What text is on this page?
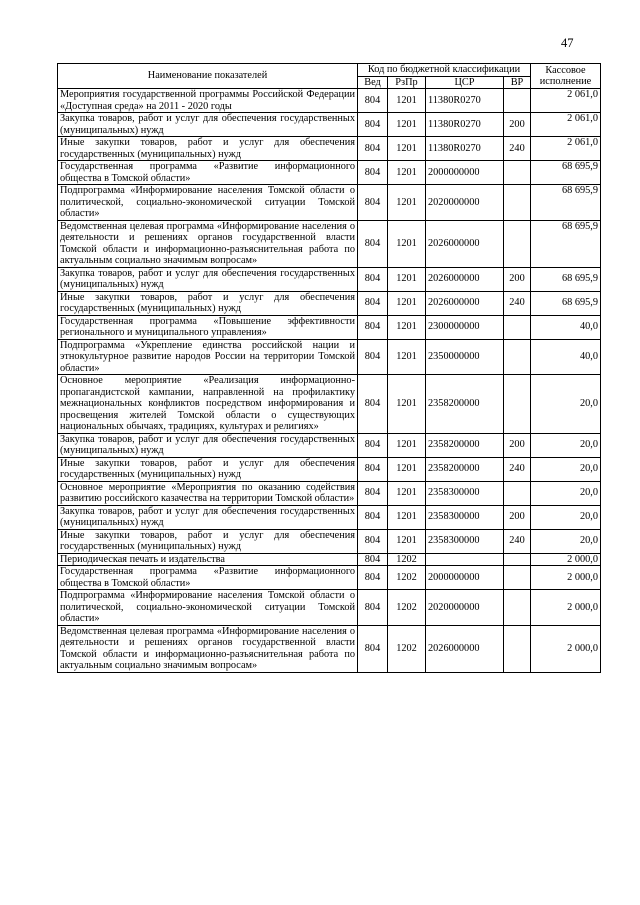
47
Наименование показателей	Код по бюджетной классификации				Кассовое исполнение
	Вед	РзПр	ЦСР	ВР	
Мероприятия государственной программы Российской Федерации «Доступная среда» на 2011 - 2020 годы	804	1201	11380R0270		2 061,0
Закупка товаров, работ и услуг для обеспечения государственных (муниципальных) нужд	804	1201	11380R0270	200	2 061,0
Иные закупки товаров, работ и услуг для обеспечения государственных (муниципальных) нужд	804	1201	11380R0270	240	2 061,0
Государственная программа «Развитие информационного общества в Томской области»	804	1201	2000000000		68 695,9
Подпрограмма «Информирование населения Томской области о политической, социально-экономической ситуации Томской области»	804	1201	2020000000		68 695,9
Ведомственная целевая программа «Информирование населения о деятельности и решениях органов государственной власти Томской области и информационно-разъяснительная работа по актуальным социально значимым вопросам»	804	1201	2026000000		68 695,9
Закупка товаров, работ и услуг для обеспечения государственных (муниципальных) нужд	804	1201	2026000000	200	68 695,9
Иные закупки товаров, работ и услуг для обеспечения государственных (муниципальных) нужд	804	1201	2026000000	240	68 695,9
Государственная программа «Повышение эффективности регионального и муниципального управления»	804	1201	2300000000		40,0
Подпрограмма «Укрепление единства российской нации и этнокультурное развитие народов России на территории Томской области»	804	1201	2350000000		40,0
Основное мероприятие «Реализация информационно-пропагандистской кампании, направленной на профилактику межнациональных конфликтов посредством информирования и просвещения жителей Томской области о существующих национальных обычаях, традициях, культурах и религиях»	804	1201	2358200000		20,0
Закупка товаров, работ и услуг для обеспечения государственных (муниципальных) нужд	804	1201	2358200000	200	20,0
Иные закупки товаров, работ и услуг для обеспечения государственных (муниципальных) нужд	804	1201	2358200000	240	20,0
Основное мероприятие «Мероприятия по оказанию содействия развитию российского казачества на территории Томской области»	804	1201	2358300000		20,0
Закупка товаров, работ и услуг для обеспечения государственных (муниципальных) нужд	804	1201	2358300000	200	20,0
Иные закупки товаров, работ и услуг для обеспечения государственных (муниципальных) нужд	804	1201	2358300000	240	20,0
Периодическая печать и издательства	804	1202			2 000,0
Государственная программа «Развитие информационного общества в Томской области»	804	1202	2000000000		2 000,0
Подпрограмма «Информирование населения Томской области о политической, социально-экономической ситуации Томской области»	804	1202	2020000000		2 000,0
Ведомственная целевая программа «Информирование населения о деятельности и решениях органов государственной власти Томской области и информационно-разъяснительная работа по актуальным социально значимым вопросам»	804	1202	2026000000		2 000,0
